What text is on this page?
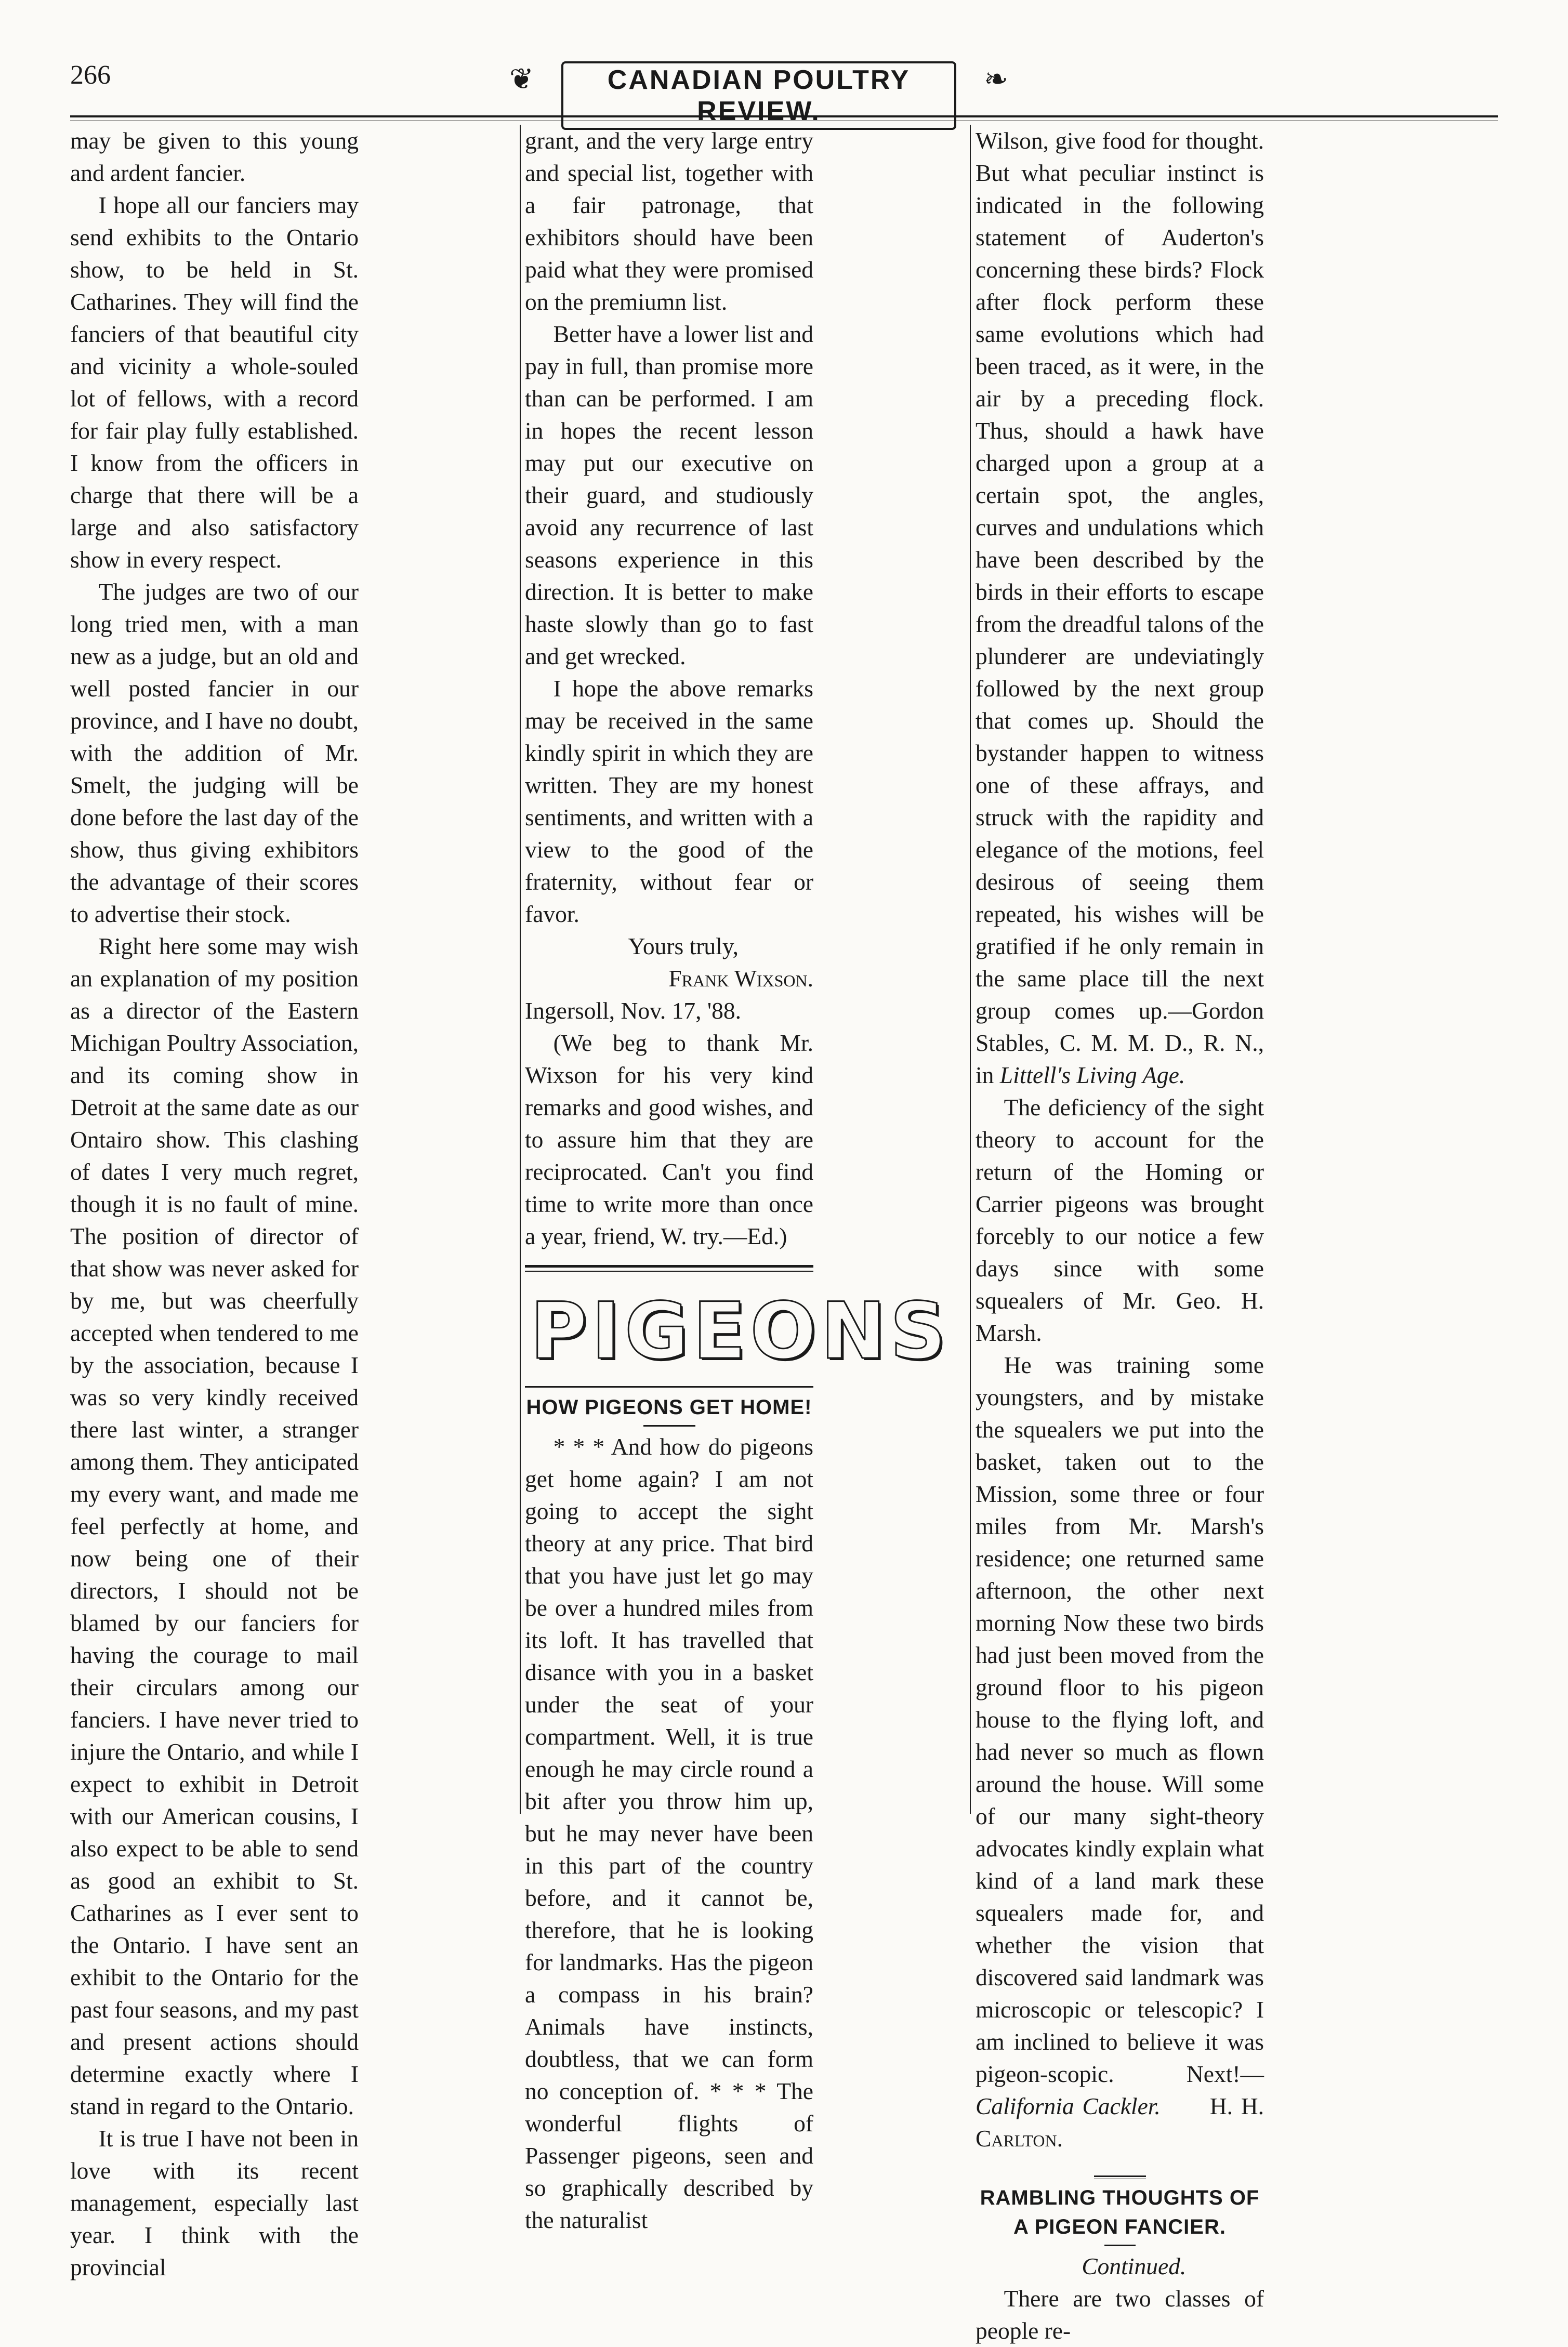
266	❦	CANADIAN POULTRY REVIEW.
❧

may be given to this young and ardent fancier.

I hope all our fanciers may send exhibits to the Ontario show, to be held in St. Catharines. They will find the fanciers of that beautiful city and vicinity a whole-souled lot of fellows, with a record for fair play fully established. I know from the officers in charge that there will be a large and also satisfactory show in every respect.

The judges are two of our long tried men, with a man new as a judge, but an old and well posted fancier in our province, and I have no doubt, with the addition of Mr. Smelt, the judging will be done before the last day of the show, thus giving exhibitors the advantage of their scores to advertise their stock.

Right here some may wish an explanation of my position as a director of the Eastern Michigan Poultry Association, and its coming show in Detroit at the same date as our Ontairo show. This clashing of dates I very much regret, though it is no fault of mine. The position of director of that show was never asked for by me, but was cheerfully accepted when tendered to me by the association, because I was so very kindly received there last winter, a stranger among them. They anticipated my every want, and made me feel perfectly at home, and now being one of their directors, I should not be blamed by our fanciers for having the courage to mail their circulars among our fanciers. I have never tried to injure the Ontario, and while I expect to exhibit in Detroit with our American cousins, I also expect to be able to send as good an exhibit to St. Catharines as I ever sent to the Ontario. I have sent an exhibit to the Ontario for the past four seasons, and my past and present actions should determine exactly where I stand in regard to the Ontario.

It is true I have not been in love with its recent management, especially last year. I think with the provincial

grant, and the very large entry and special list, together with a fair patronage, that exhibitors should have been paid what they were promised on the premiumn list.

Better have a lower list and pay in full, than promise more than can be performed. I am in hopes the recent lesson may put our executive on their guard, and studiously avoid any recurrence of last seasons experience in this direction. It is better to make haste slowly than go to fast and get wrecked.

I hope the above remarks may be received in the same kindly spirit in which they are written. They are my honest sentiments, and written with a view to the good of the fraternity, without fear or favor.

Yours truly,

Frank Wixson.

Ingersoll, Nov. 17, '88.

(We beg to thank Mr. Wixson for his very kind remarks and good wishes, and to assure him that they are reciprocated. Can't you find time to write more than once a year, friend, W. try.—Ed.)

PIGEONS
HOW PIGEONS GET HOME!

* * * And how do pigeons get home again? I am not going to accept the sight theory at any price. That bird that you have just let go may be over a hundred miles from its loft. It has travelled that disance with you in a basket under the seat of your compartment. Well, it is true enough he may circle round a bit after you throw him up, but he may never have been in this part of the country before, and it cannot be, therefore, that he is looking for landmarks. Has the pigeon a compass in his brain? Animals have instincts, doubtless, that we can form no conception of. * * * The wonderful flights of Passenger pigeons, seen and so graphically described by the naturalist

Wilson, give food for thought. But what peculiar instinct is indicated in the following statement of Auderton's concerning these birds? Flock after flock perform these same evolutions which had been traced, as it were, in the air by a preceding flock. Thus, should a hawk have charged upon a group at a certain spot, the angles, curves and undulations which have been described by the birds in their efforts to escape from the dreadful talons of the plunderer are undeviatingly followed by the next group that comes up. Should the bystander happen to witness one of these affrays, and struck with the rapidity and elegance of the motions, feel desirous of seeing them repeated, his wishes will be gratified if he only remain in the same place till the next group comes up.—Gordon Stables, C. M. M. D., R. N., in Littell's Living Age.

The deficiency of the sight theory to account for the return of the Homing or Carrier pigeons was brought forcebly to our notice a few days since with some squealers of Mr. Geo. H. Marsh.

He was training some youngsters, and by mistake the squealers we put into the basket, taken out to the Mission, some three or four miles from Mr. Marsh's residence; one returned same afternoon, the other next morning Now these two birds had just been moved from the ground floor to his pigeon house to the flying loft, and had never so much as flown around the house. Will some of our many sight-theory advocates kindly explain what kind of a land mark these squealers made for, and whether the vision that discovered said landmark was microscopic or telescopic? I am inclined to believe it was pigeon-scopic. Next!—California Cackler. H. H. Carlton.

RAMBLING THOUGHTS OF A PIGEON FANCIER.

Continued.

There are two classes of people re-
